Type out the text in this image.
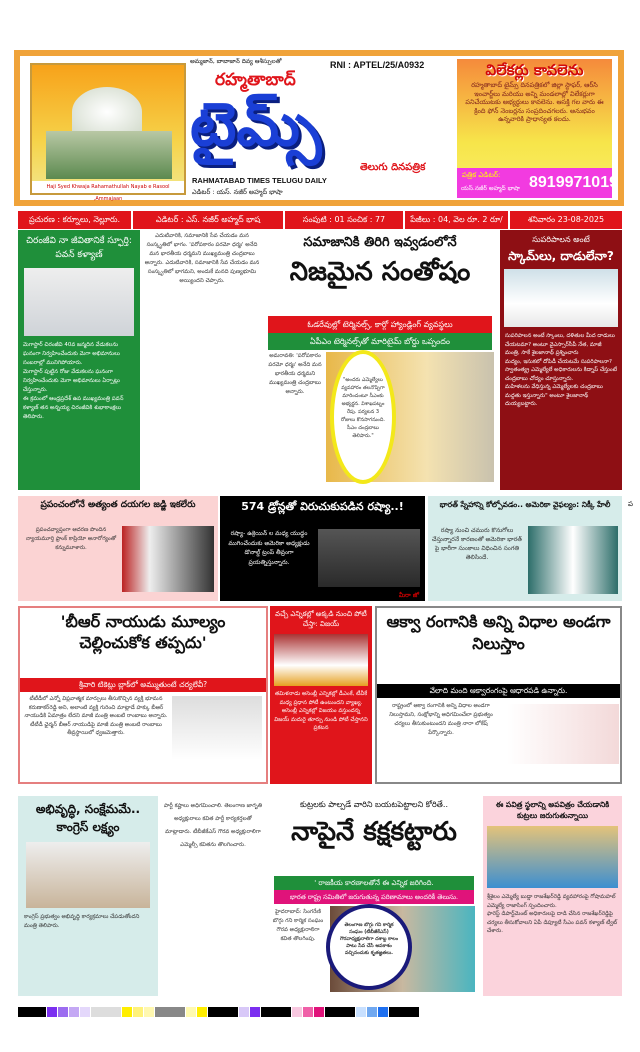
Haji Syed Khwaja Rahamathullah Nayab e Rasool ,Ammajaan
అమ్మజాన్, బాబాజాన్ దివ్య ఆశీస్సులతో	RNI : APTEL/25/A0932
రహ్మతాబాద్
టైమ్స్
తెలుగు దినపత్రిక
RAHMATABAD TIMES TELUGU DAILY
ఎడిటర్ : యస్. నజీర్ అహ్మద్ భాషా
విలేకర్లు కావలెను
రహ్మతాబాద్ టైమ్స్ దినపత్రికలో జిల్లా స్టాఫర్, ఆర్‌సి ఇంచార్జ్‌లు మరియు అన్ని మండలాల్లో విలేకర్లుగా పనిచేయుటకు అభ్యర్థులు కావలెను. ఆసక్తి గల వారు ఈ క్రింది ఫోన్ నెంబర్లను సంప్రదించగలరు. అనుభవం ఉన్నవారికి ప్రాధాన్యత కలదు.
పత్రిక ఎడిటర్:
యస్.నజీర్ అహ్మద్ భాషా 8919971019
ప్రచురణ : కర్నూలు, నెల్లూరు.	ఎడిటర్ : ఎస్. నజీర్ అహ్మద్ భాష	సంపుటి : 01 సంచిక : 77	పేజీలు : 04, వెల రూ. 2 రూ/	శనివారం 23-08-2025
చిరంజీవి నా జీవితానికే స్ఫూర్తి: పవన్ కళ్యాణ్

మెగాస్టార్ చిరంజీవి 40వ జన్మదిన వేడుకలను ఘనంగా నిర్వహించేందుకు మెగా అభిమానులు సంబరాల్లో మునిగిపోయారు.

మెగాస్టార్ పుట్టిన రోజు వేడుకలను ఘనంగా నిర్వహించేందుకు మెగా అభిమానులు ఏర్పాట్లు చేస్తున్నారు.

ఈ క్రమంలో ఆంధ్రప్రదేశ్ ఉప ముఖ్యమంత్రి పవన్ కళ్యాణ్ తన అన్నయ్య చిరంజీవికి శుభాకాంక్షలు తెలిపారు.

ఎదుటివారికి, సమాజానికి సేవ చేయడం మన సంస్కృతిలో భాగం. 'పరోపకారం పరమో ధర్మః' అనేది మన భారతీయ ధర్మమని ముఖ్యమంత్రి చంద్రబాబు అన్నారు. ఎదుటివారికి, సమాజానికి సేవ చేయడం మన సంస్కృతిలో భాగమని, అందుకే మనది పుణ్యభూమి అయ్యిందని చెప్పారు.
సమాజానికి తిరిగి ఇవ్వడంలోనే
నిజమైన సంతోషం
ఓడరేవుల్లో టెర్మినల్స్, కార్గో హ్యాండ్లింగ్ వ్యవస్థలు
ఏపీఎం టెర్మినల్స్‌తో మారిటైమ్ బోర్డు ఒప్పందం
అమరావతి: 'పరోపకారం పరమో ధర్మః' అనేది మన భారతీయ ధర్మమని ముఖ్యమంత్రి చంద్రబాబు అన్నారు.
"అందరు ఎమ్మెల్యేలు వ్యవహారం తలనొప్పిగా మారిందంటూ సీఎంకు అభ్యర్థన. విశాఖపట్నం రేపు. పర్యటన 3 రోజులు కొనసాగనుంది. సీఎం చంద్రబాబు తెలిపారు."
సుపరిపాలన అంటే
స్కామ్‌లు, దాడులేనా?

సుపరిపాలన అంటే స్కాంలు, దళితుల మీద దాడులు చేయటమా? అంటూ వైఎస్సార్‌సీపీ నేత, మాజీ మంత్రి, సాకే శైలజానాథ్ ప్రశ్నించారు

మద్యం, ఇసుకలో దోపిడీ చేయటమే సుపరిపాలనా? స్వాతంత్య్ర ఎమ్మెల్యేలే అధికారులను కిడ్నాప్ చేస్తుంటే చంద్రబాబు చోద్యం చూస్తున్నారు.

మహిళలను వేధిస్తున్న ఎమ్మెల్యేలకు చంద్రబాబు మద్దతు ఇస్తున్నారు" అంటూ శైలజానాథ్ దుయ్యబట్టారు.

ప
ప్రపంచంలోనే అత్యంత దయగల జడ్జి ఇకలేరు
ప్రపంచవ్యాప్తంగా ఆదరణ పొందిన న్యాయమూర్తి ఫ్రాంక్ కాప్రియో అనారోగ్యంతో కన్నుమూశారు.
574 డ్రోన్లతో విరుచుకుపడిన రష్యా..!
రష్యా- ఉక్రెయిన్ ల మధ్య యుద్ధం ముగించేందుకు అమెరికా అధ్యక్షుడు డొనాల్డ్ ట్రంప్ తీవ్రంగా ప్రయత్నిస్తున్నారు.
మీరా జో
భారత్ స్నేహాన్ని కోల్పోవడం.. అమెరికా వైఫల్యం: నిక్కీ హేలీ
రష్యా నుంచి చమురు కొనుగోలు చేస్తున్నారనే కారణంతో అమెరికా భారత్ పై భారీగా సుంకాలు విధించిన సంగతి తెలిసిందే.
'బీఆర్ నాయుడు మూల్యం చెల్లించుకోక తప్పదు'
శ్రీవారి టికెట్లు బ్లాక్‌లో అమ్ముతుంటే చర్యలేవీ?

టీటీడీలో ఎన్నో విప్లవాత్మక మార్పులు తీసుకొచ్చిన వ్యక్తి భూమన కరుణాకర్‌రెడ్డి అని, అలాంటి వ్యక్తి గురించి మాట్లాడే హక్కు బీఆర్ నాయుడికి ఏమాత్రం లేదని మాజీ మంత్రి అంబటి రాంబాబు అన్నారు.

టీటీడీ ఛైర్మన్ బీఆర్ నాయుడిపై మాజీ మంత్రి అంబటి రాంబాబు తీవ్రస్థాయిలో ధ్వజమెత్తారు.

వచ్చే ఎన్నికల్లో అక్కడి నుంచి పోటీ చేస్తా: విజయ్
తమిళనాడు అసెంబ్లీ ఎన్నికల్లో డీఎంకే, టీవీకే మధ్య ప్రధాన పోటీ ఉంటుందని వ్యాఖ్య. అసెంబ్లీ ఎన్నికల్లో విజయం వస్తుందన్న విజయ్ మదురై తూర్పు నుండి పోటీ చేస్తానని ప్రకటన
ఆక్వా రంగానికి అన్ని విధాల అండగా నిలుస్తాం
వేలాది మంది ఆక్వారంగంపై ఆధారపడి ఉన్నారు.
రాష్ట్రంలో ఆక్వా రంగానికి అన్ని విధాల అండగా నిలుస్తామని, సంక్షోభాన్ని అధిగమించేలా ప్రభుత్వం చర్యలు తీసుకుంటుందని మంత్రి నారా లోకేష్ పేర్కొన్నారు.
అభివృద్ధి, సంక్షేమమే.. కాంగ్రెస్ లక్ష్యం
కాంగ్రెస్ ప్రభుత్వం అభివృద్ధి కార్యక్రమాలు చేపడుతోందని మంత్రి తెలిపారు.
పార్టీ కష్టాలు అధిగమించాలి. తెలంగాణ జాగృతి అధ్యక్షురాలు కవిత పార్టీ కార్యకర్తలతో మాట్లాడారు. టీబీజీకేఎస్ గౌరవ అధ్యక్షురాలిగా ఎమ్మెల్సీ కవితను తొలగించారు.
కుట్రలకు పాల్పడే వారిని బయటపెట్టాలని కోరితే..
నాపైనే కక్షకట్టారు
' రాజకీయ కారణాలతోనే ఈ ఎన్నిక జరిగింది.
భారత రాష్ట్ర సమితిలో జరుగుతున్న పరిణామాలు అందరికీ తెలుసు.
హైదరాబాద్: సింగరేణి బొగ్గు గని కార్మిక సంఘం గౌరవ అధ్యక్షురాలిగా కవిత తొలగింపు.
తెలంగాణ బొగ్గు గని కార్మిక సంఘం (టీబీజీకేఎస్) గౌరవాధ్యక్షురాలిగా దశాబ్ద కాలం పాటు సేవ చేసే అవకాశం వచ్చినందుకు కృతజ్ఞతలు.
ఈ పవిత్ర స్థలాన్ని అపవిత్రం చేయడానికి కుట్రలు జరుగుతున్నాయి

శ్రీశైలం ఎమ్మెల్యే బుడ్డా రాజశేఖర్‌రెడ్డి వ్యవహారంపై గోషామహల్ ఎమ్మెల్యే రాజాసింగ్ స్పందించారు.

ఫారెస్ట్ డిపార్ట్‌మెంట్ అధికారులపై దాడి చేసిన రాజశేఖర్‌రెడ్డిపై చర్యలు తీసుకోవాలని ఏపీ డిప్యూటీ సీఎం పవన్ కళ్యాణ్ ట్వీట్ చేశారు.
